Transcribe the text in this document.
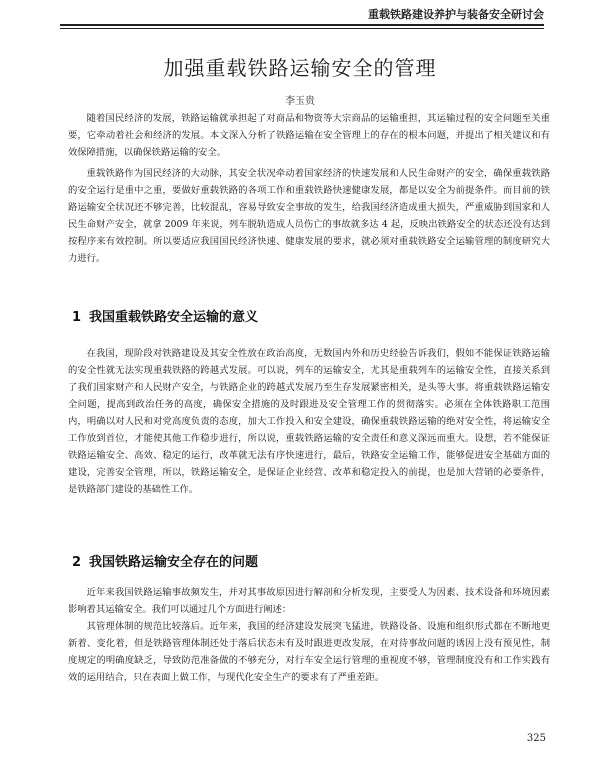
重载铁路建设养护与装备安全研讨会
加强重载铁路运输安全的管理
李玉贵

随着国民经济的发展，铁路运输就承担起了对商品和物资等大宗商品的运输重担，其运输过程的安全问题至关重要，它牵动着社会和经济的发展。本文深入分析了铁路运输在安全管理上的存在的根本问题，并提出了相关建议和有效保障措施，以确保铁路运输的安全。

重载铁路作为国民经济的大动脉，其安全状况牵动着国家经济的快速发展和人民生命财产的安全，确保重载铁路的安全运行是重中之重，要做好重载铁路的各项工作和重载铁路快速健康发展，都是以安全为前提条件。而目前的铁路运输安全状况还不够完善，比较混乱，容易导致安全事故的发生，给我国经济造成重大损失，严重威胁到国家和人民生命财产安全，就拿 2009 年来说，列车脱轨造成人员伤亡的事故就多达 4 起，反映出铁路安全的状态还没有达到按程序来有效控制。所以要适应我国国民经济快速、健康发展的要求，就必须对重载铁路安全运输管理的制度研究大力进行。

1 我国重载铁路安全运输的意义

在我国，现阶段对铁路建设及其安全性放在政治高度，无数国内外和历史经验告诉我们，假如不能保证铁路运输的安全性就无法实现重载铁路的跨越式发展。可以说，列车的运输安全，尤其是重载列车的运输安全性，直接关系到了我们国家财产和人民财产安全，与铁路企业的跨越式发展乃至生存发展紧密相关，是头等大事。将重载铁路运输安全问题，提高到政治任务的高度，确保安全措施的及时跟进及安全管理工作的贯彻落实。必须在全体铁路职工范围内，明确以对人民和对党高度负责的态度，加大工作投入和安全建设，确保重载铁路运输的绝对安全性，将运输安全工作放到首位，才能使其他工作稳步进行，所以说，重载铁路运输的安全责任和意义深远而重大。设想，若不能保证铁路运输安全、高效、稳定的运行，改革就无法有序快速进行，最后，铁路安全运输工作，能够促进安全基础方面的建设，完善安全管理，所以，铁路运输安全，是保证企业经营、改革和稳定投入的前提，也是加大营销的必要条件，是铁路部门建设的基础性工作。

2 我国铁路运输安全存在的问题

近年来我国铁路运输事故频发生，并对其事故原因进行解剖和分析发现，主要受人为因素、技术设备和环境因素影响着其运输安全。我们可以通过几个方面进行阐述：

其管理体制的规范比较落后。近年来，我国的经济建设发展突飞猛进，铁路设备、设施和组织形式都在不断地更新着、变化着，但是铁路管理体制还处于落后状态未有及时跟进更改发展，在对待事故问题的诱因上没有预见性，制度规定的明确度缺乏，导致防范准备做的不够充分，对行车安全运行管理的重视度不够，管理制度没有和工作实践有效的运用结合，只在表面上做工作，与现代化安全生产的要求有了严重差距。

325
